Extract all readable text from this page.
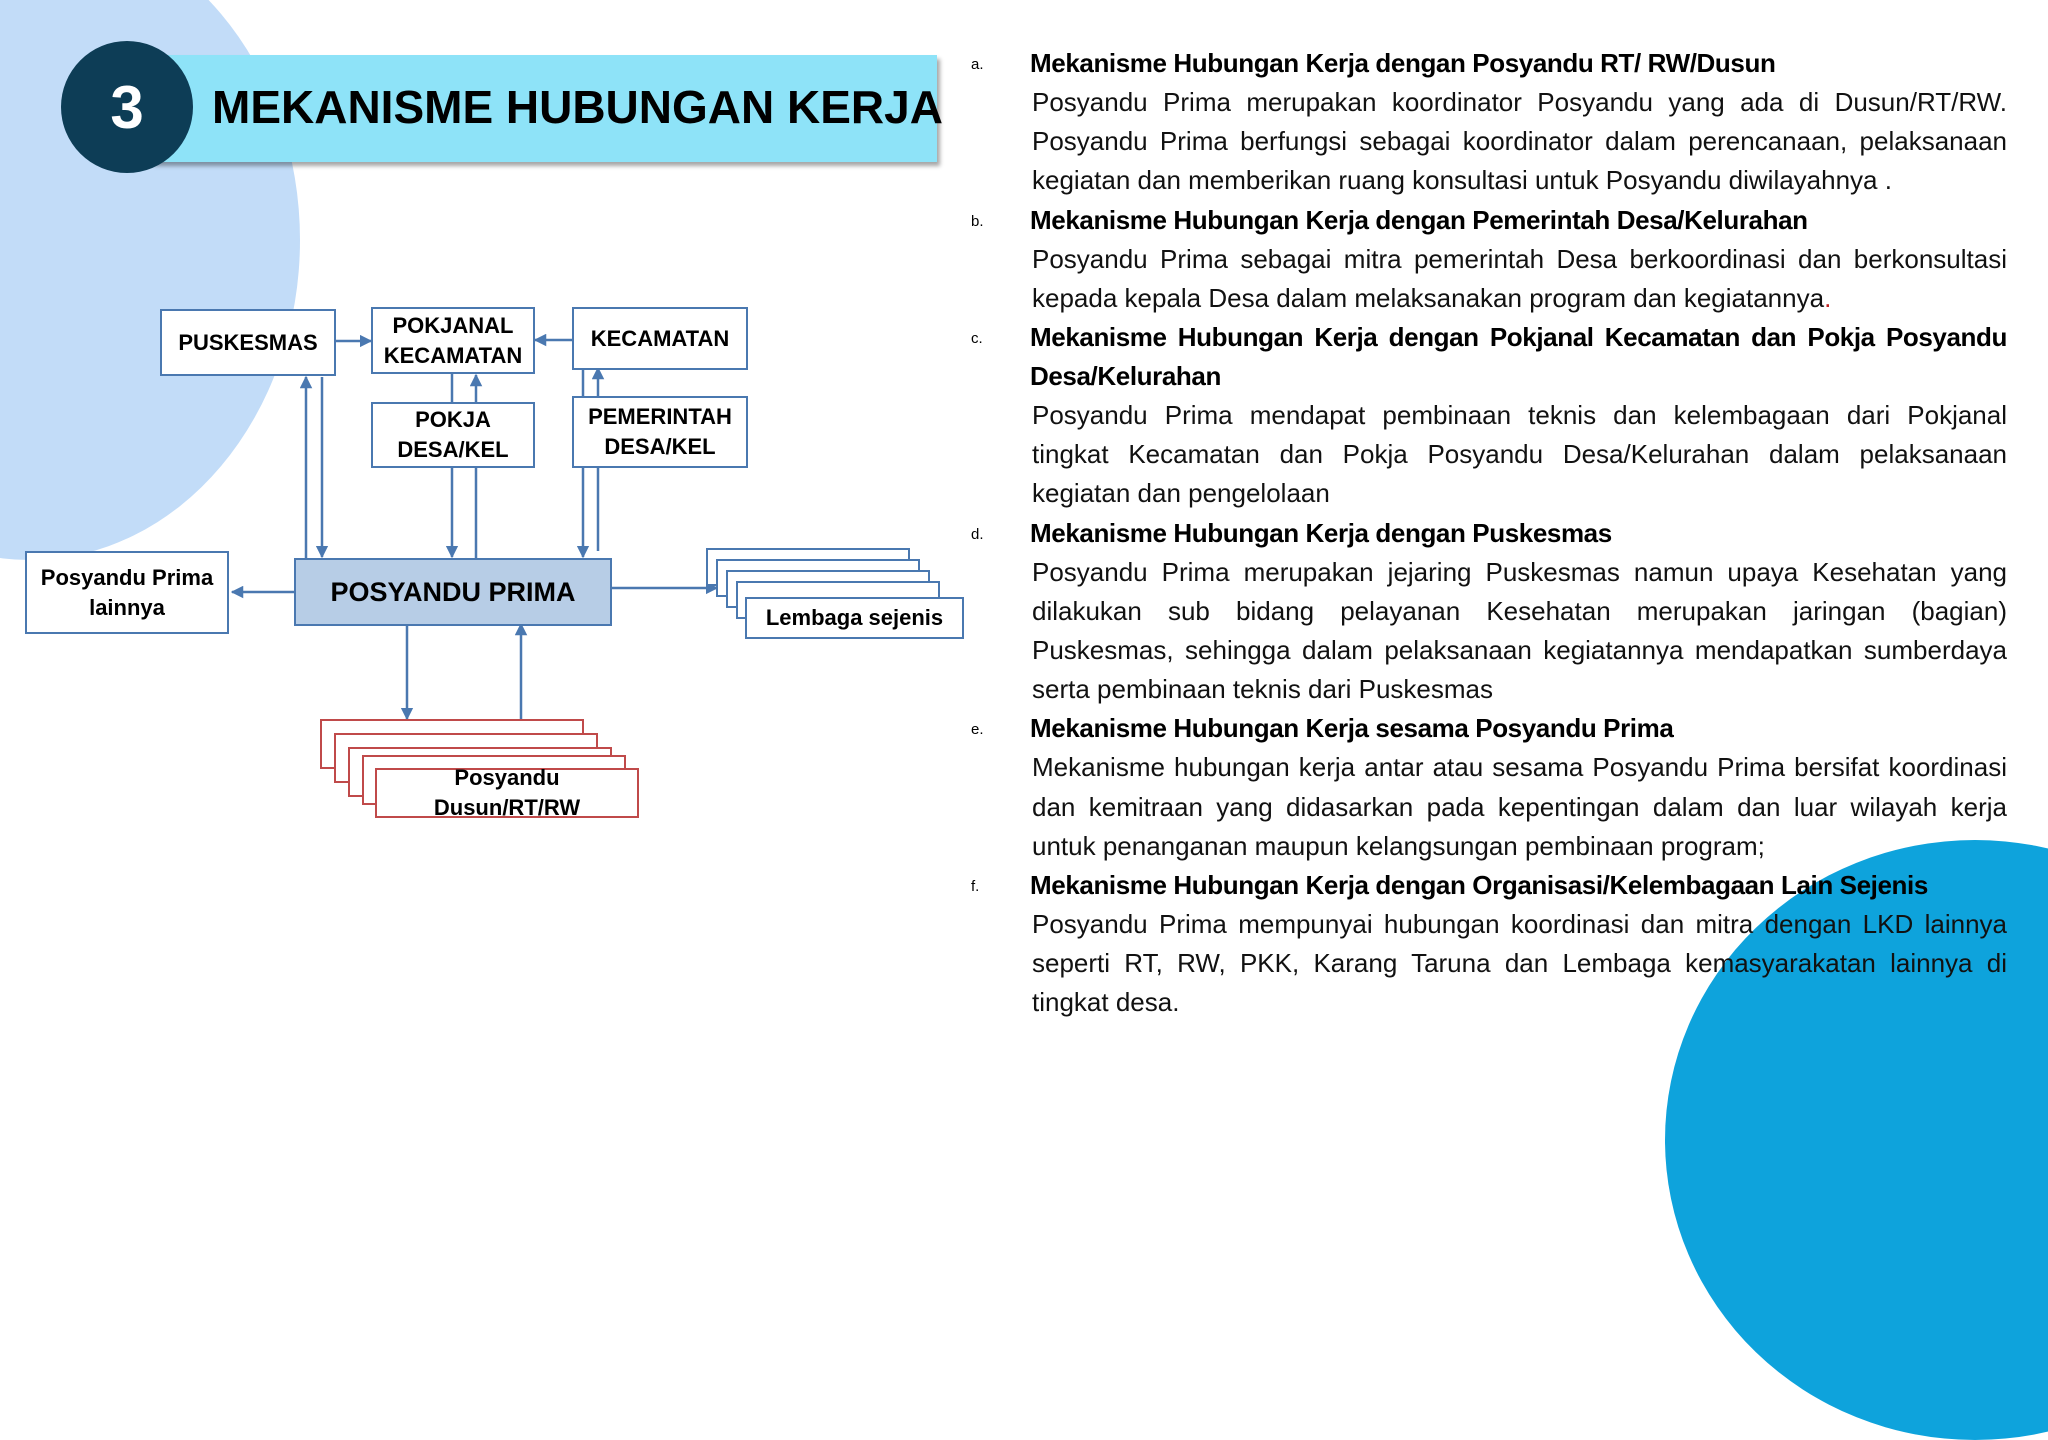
MEKANISME HUBUNGAN KERJA
3
PUSKESMAS
POKJANAL
KECAMATAN
KECAMATAN
POKJA
DESA/KEL
PEMERINTAH
DESA/KEL
POSYANDU PRIMA
Posyandu Prima
lainnya	Lembaga sejenis
Posyandu
Dusun/RT/RW
a. Mekanisme Hubungan Kerja dengan Posyandu RT/ RW/Dusun
Posyandu Prima merupakan koordinator Posyandu yang ada di Dusun/RT/RW. Posyandu Prima berfungsi sebagai koordinator dalam perencanaan, pelaksanaan kegiatan dan memberikan ruang konsultasi untuk Posyandu diwilayahnya .
b. Mekanisme Hubungan Kerja dengan Pemerintah Desa/Kelurahan
Posyandu Prima sebagai mitra pemerintah Desa berkoordinasi dan berkonsultasi kepada kepala Desa dalam melaksanakan program dan kegiatannya.
c. Mekanisme Hubungan Kerja dengan Pokjanal Kecamatan dan Pokja Posyandu Desa/Kelurahan
Posyandu Prima mendapat pembinaan teknis dan kelembagaan dari Pokjanal tingkat Kecamatan dan Pokja Posyandu Desa/Kelurahan dalam pelaksanaan kegiatan dan pengelolaan
d. Mekanisme Hubungan Kerja dengan Puskesmas
Posyandu Prima merupakan jejaring Puskesmas namun upaya Kesehatan yang dilakukan sub bidang pelayanan Kesehatan merupakan jaringan (bagian) Puskesmas, sehingga dalam pelaksanaan kegiatannya mendapatkan sumberdaya serta pembinaan teknis dari Puskesmas
e. Mekanisme Hubungan Kerja sesama Posyandu Prima
Mekanisme hubungan kerja antar atau sesama Posyandu Prima bersifat koordinasi dan kemitraan yang didasarkan pada kepentingan dalam dan luar wilayah kerja untuk penanganan maupun kelangsungan pembinaan program;
f. Mekanisme Hubungan Kerja dengan Organisasi/Kelembagaan Lain Sejenis
Posyandu Prima mempunyai hubungan koordinasi dan mitra dengan LKD lainnya seperti RT, RW, PKK, Karang Taruna dan Lembaga kemasyarakatan lainnya di tingkat desa.
